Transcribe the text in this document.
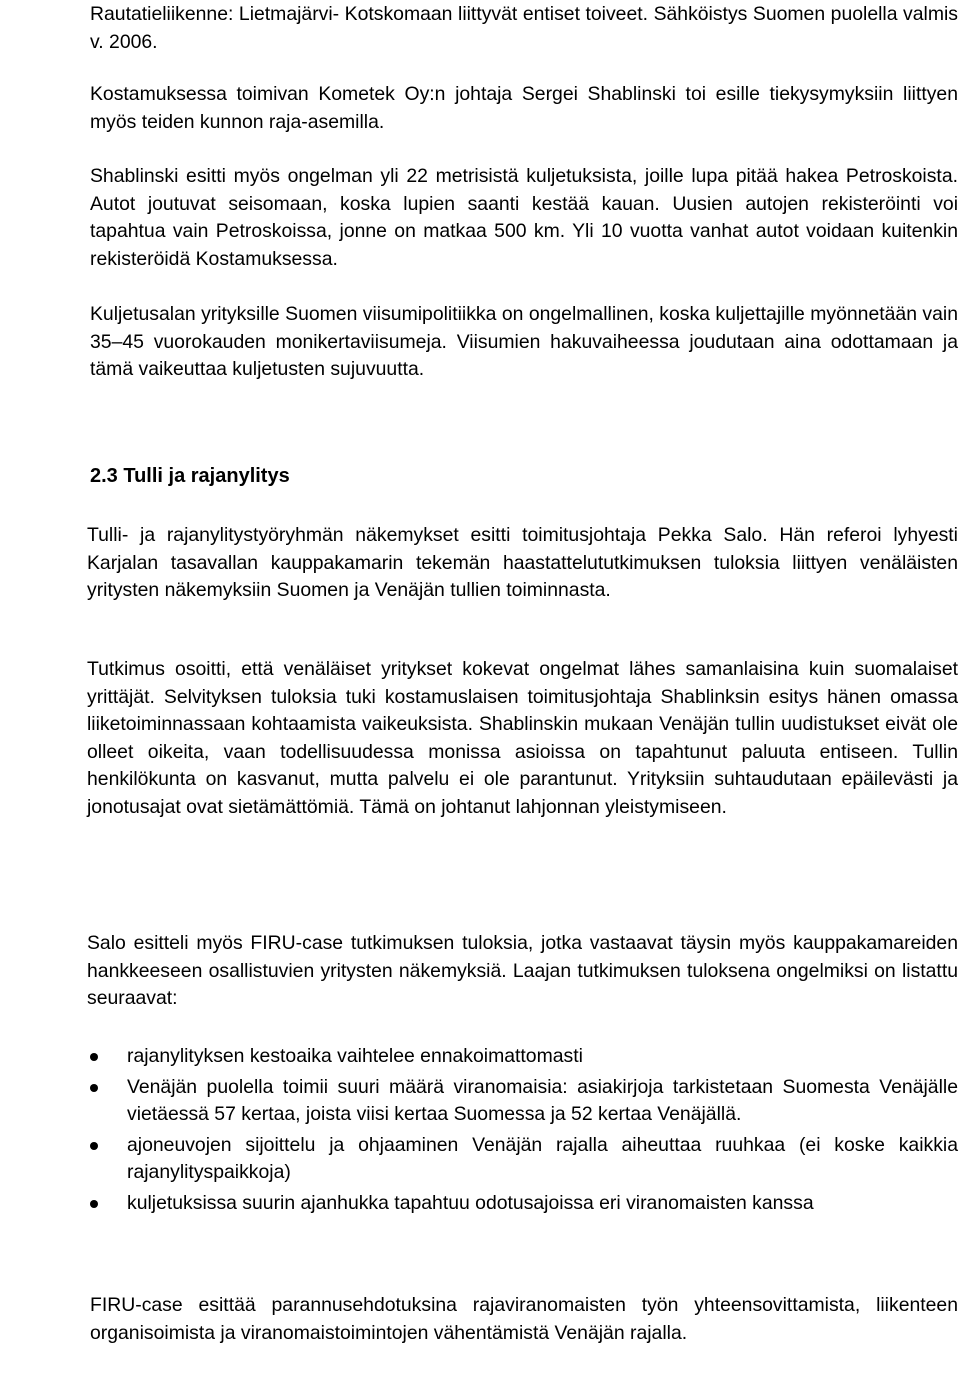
Rautatieliikenne: Lietmajärvi- Kotskomaan liittyvät entiset toiveet. Sähköistys Suomen puolella valmis v. 2006.

Kostamuksessa toimivan Kometek Oy:n johtaja Sergei Shablinski toi esille tiekysymyksiin liittyen myös teiden kunnon raja-asemilla.

Shablinski esitti myös ongelman yli 22 metrisistä kuljetuksista, joille lupa pitää hakea Petroskoista. Autot joutuvat seisomaan, koska lupien saanti kestää kauan. Uusien autojen rekisteröinti voi tapahtua vain Petroskoissa, jonne on matkaa 500 km. Yli 10 vuotta vanhat autot voidaan kuitenkin rekisteröidä Kostamuksessa.

Kuljetusalan yrityksille Suomen viisumipolitiikka on ongelmallinen, koska kuljettajille myönnetään vain 35–45 vuorokauden monikertaviisumeja. Viisumien hakuvaiheessa joudutaan aina odottamaan ja tämä vaikeuttaa kuljetusten sujuvuutta.

2.3 Tulli ja rajanylitys

Tulli- ja rajanylitystyöryhmän näkemykset esitti toimitusjohtaja Pekka Salo. Hän referoi lyhyesti Karjalan tasavallan kauppakamarin tekemän haastattelututkimuksen tuloksia liittyen venäläisten yritysten näkemyksiin Suomen ja Venäjän tullien toiminnasta.

Tutkimus osoitti, että venäläiset yritykset kokevat ongelmat lähes samanlaisina kuin suomalaiset yrittäjät. Selvityksen tuloksia tuki kostamuslaisen toimitusjohtaja Shablinksin esitys hänen omassa liiketoiminnassaan kohtaamista vaikeuksista. Shablinskin mukaan Venäjän tullin uudistukset eivät ole olleet oikeita, vaan todellisuudessa monissa asioissa on tapahtunut paluuta entiseen. Tullin henkilökunta on kasvanut, mutta palvelu ei ole parantunut. Yrityksiin suhtaudutaan epäilevästi ja jonotusajat ovat sietämättömiä. Tämä on johtanut lahjonnan yleistymiseen.

Salo esitteli myös FIRU-case tutkimuksen tuloksia, jotka vastaavat täysin myös kauppakamareiden hankkeeseen osallistuvien yritysten näkemyksiä. Laajan tutkimuksen tuloksena ongelmiksi on listattu seuraavat:

rajanylityksen kestoaika vaihtelee ennakoimattomasti
Venäjän puolella toimii suuri määrä viranomaisia: asiakirjoja tarkistetaan Suomesta Venäjälle vietäessä 57 kertaa, joista viisi kertaa Suomessa ja 52 kertaa Venäjällä.
ajoneuvojen sijoittelu ja ohjaaminen Venäjän rajalla aiheuttaa ruuhkaa (ei koske kaikkia rajanylityspaikkoja)
kuljetuksissa suurin ajanhukka tapahtuu odotusajoissa eri viranomaisten kanssa

FIRU-case esittää parannusehdotuksina rajaviranomaisten työn yhteensovittamista, liikenteen organisoimista ja viranomaistoimintojen vähentämistä Venäjän rajalla.
